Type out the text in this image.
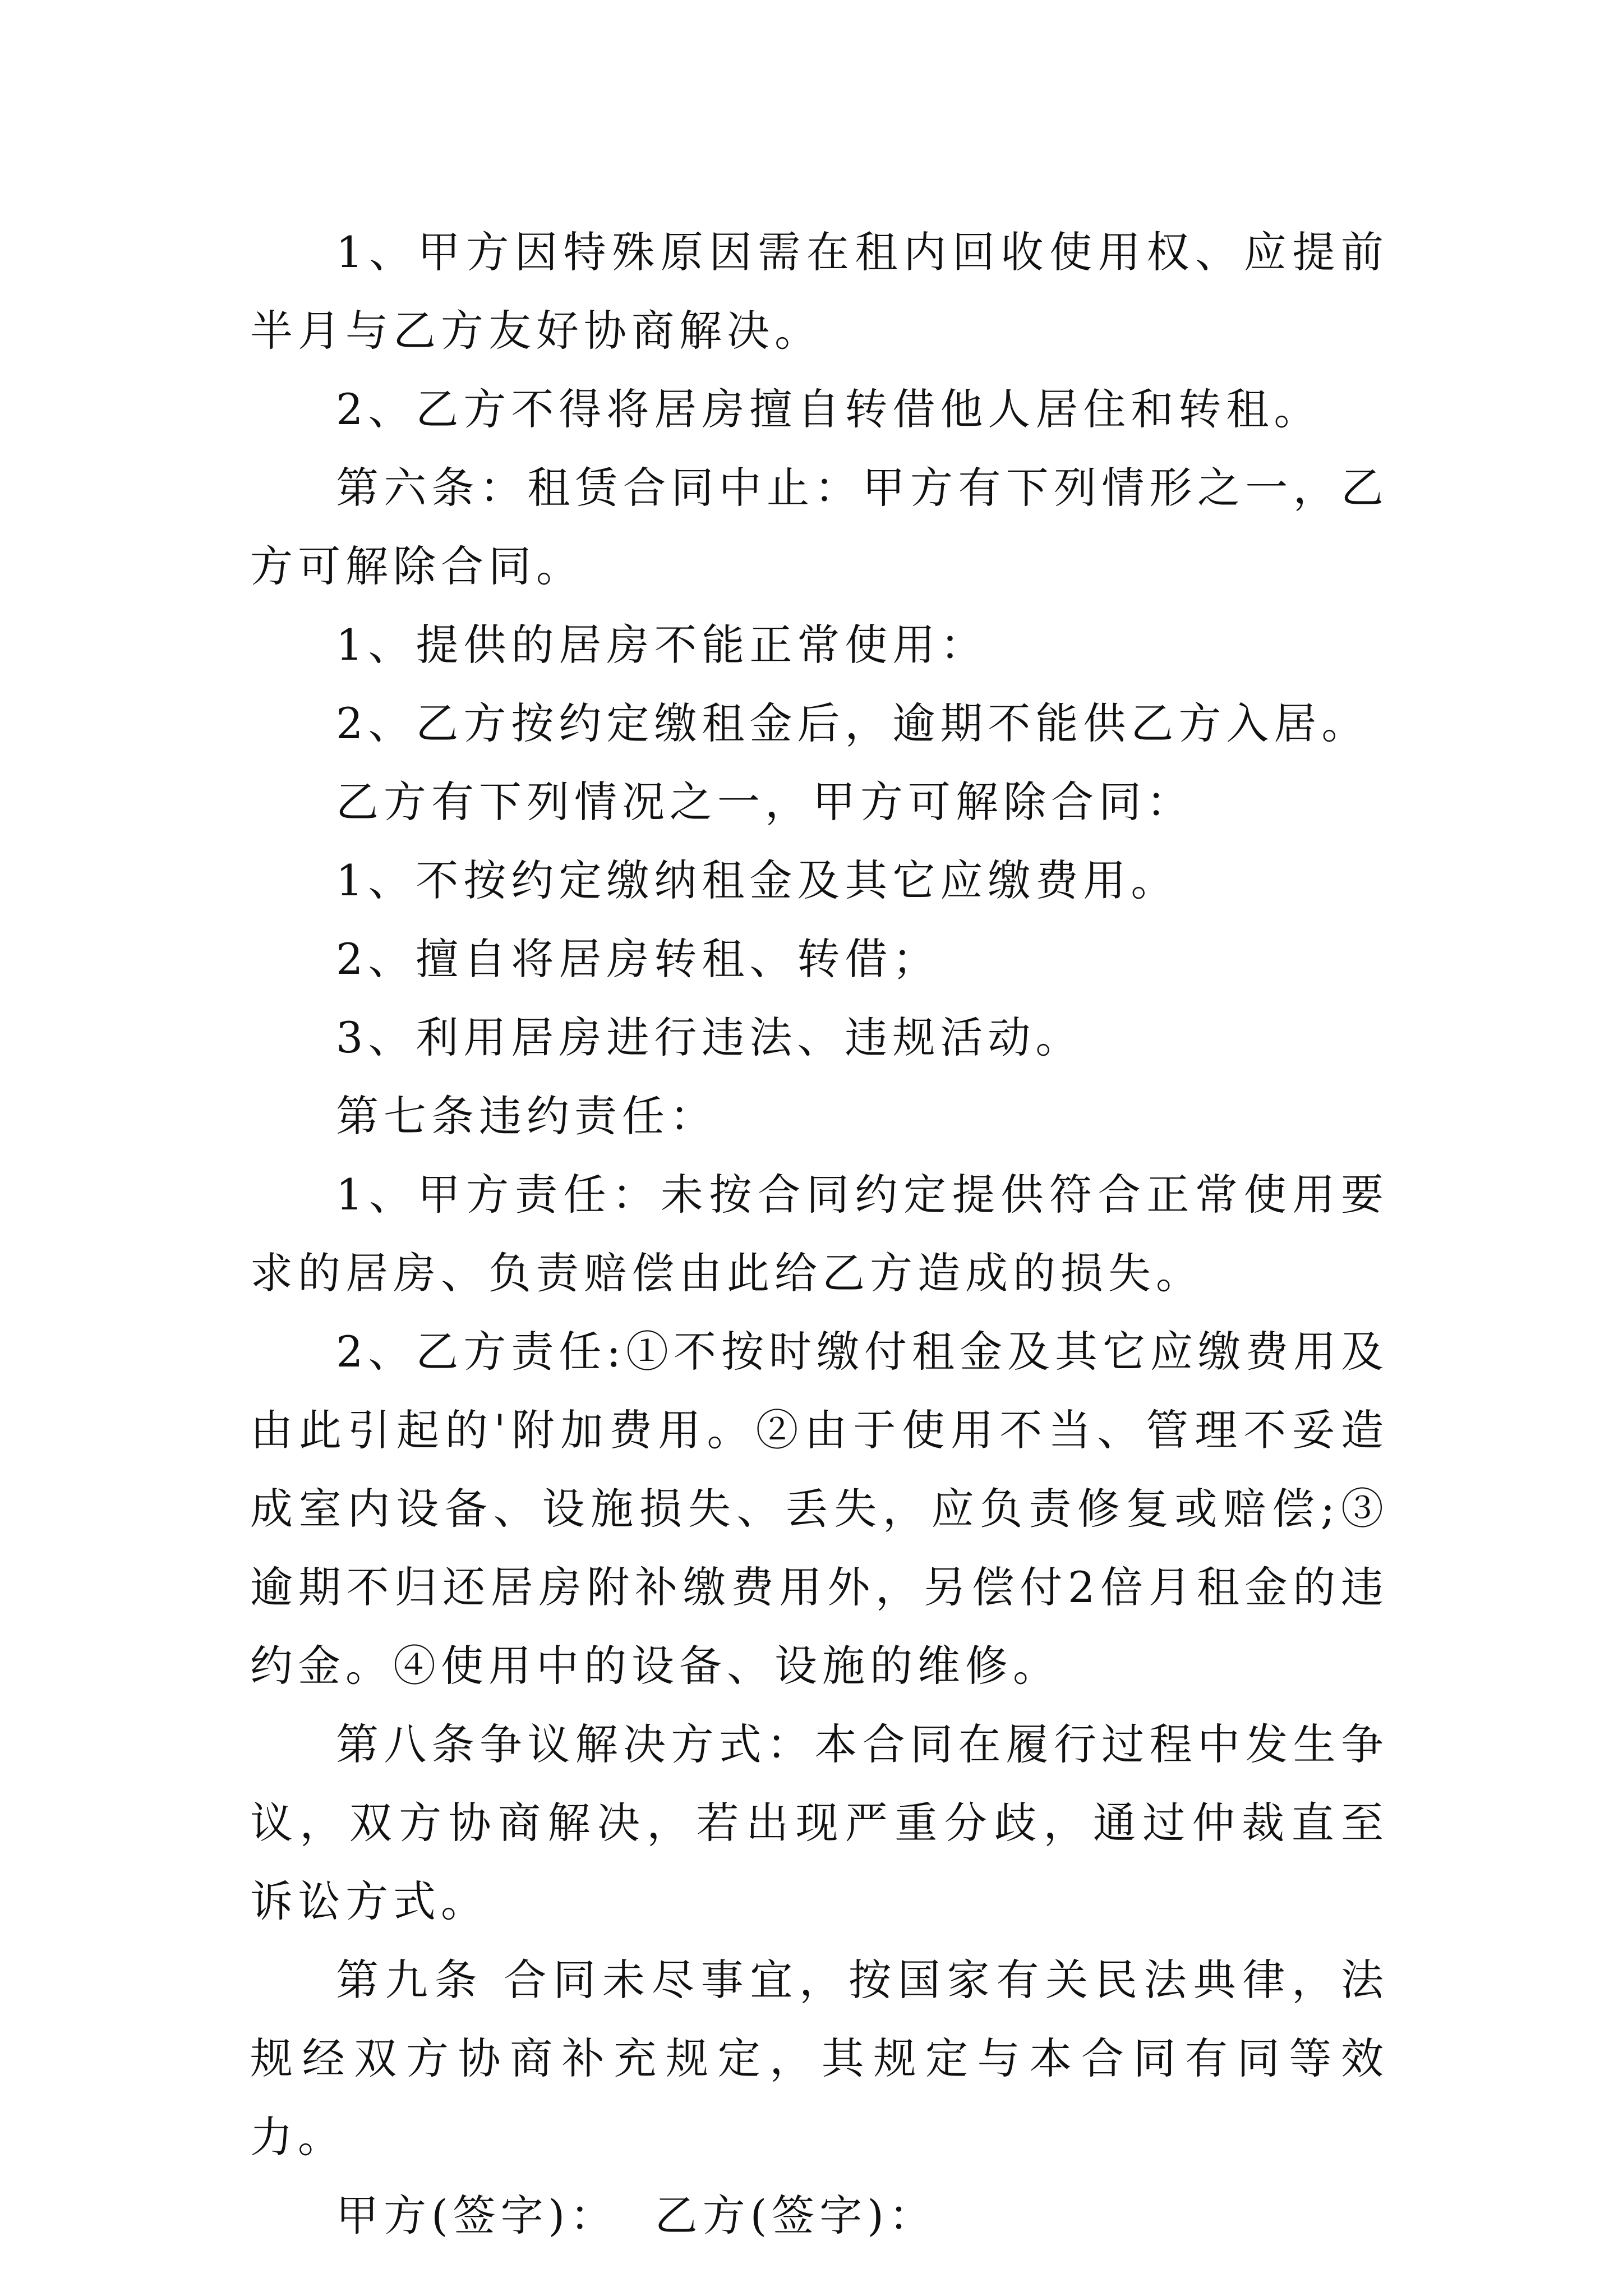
1、甲方因特殊原因需在租内回收使用权、应提前半月与乙方友好协商解决。

2、乙方不得将居房擅自转借他人居住和转租。

第六条：租赁合同中止：甲方有下列情形之一，乙方可解除合同。

1、提供的居房不能正常使用：

2、乙方按约定缴租金后，逾期不能供乙方入居。

乙方有下列情况之一，甲方可解除合同：

1、不按约定缴纳租金及其它应缴费用。

2、擅自将居房转租、转借；

3、利用居房进行违法、违规活动。

第七条违约责任：

1、甲方责任：未按合同约定提供符合正常使用要求的居房、负责赔偿由此给乙方造成的损失。

2、乙方责任:①不按时缴付租金及其它应缴费用及由此引起的'附加费用。②由于使用不当、管理不妥造成室内设备、设施损失、丢失，应负责修复或赔偿;③逾期不归还居房附补缴费用外，另偿付2倍月租金的违约金。④使用中的设备、设施的维修。

第八条争议解决方式：本合同在履行过程中发生争议，双方协商解决，若出现严重分歧，通过仲裁直至诉讼方式。

第九条 合同未尽事宜，按国家有关民法典律，法规经双方协商补充规定，其规定与本合同有同等效力。

甲方(签字)：  乙方(签字)：
